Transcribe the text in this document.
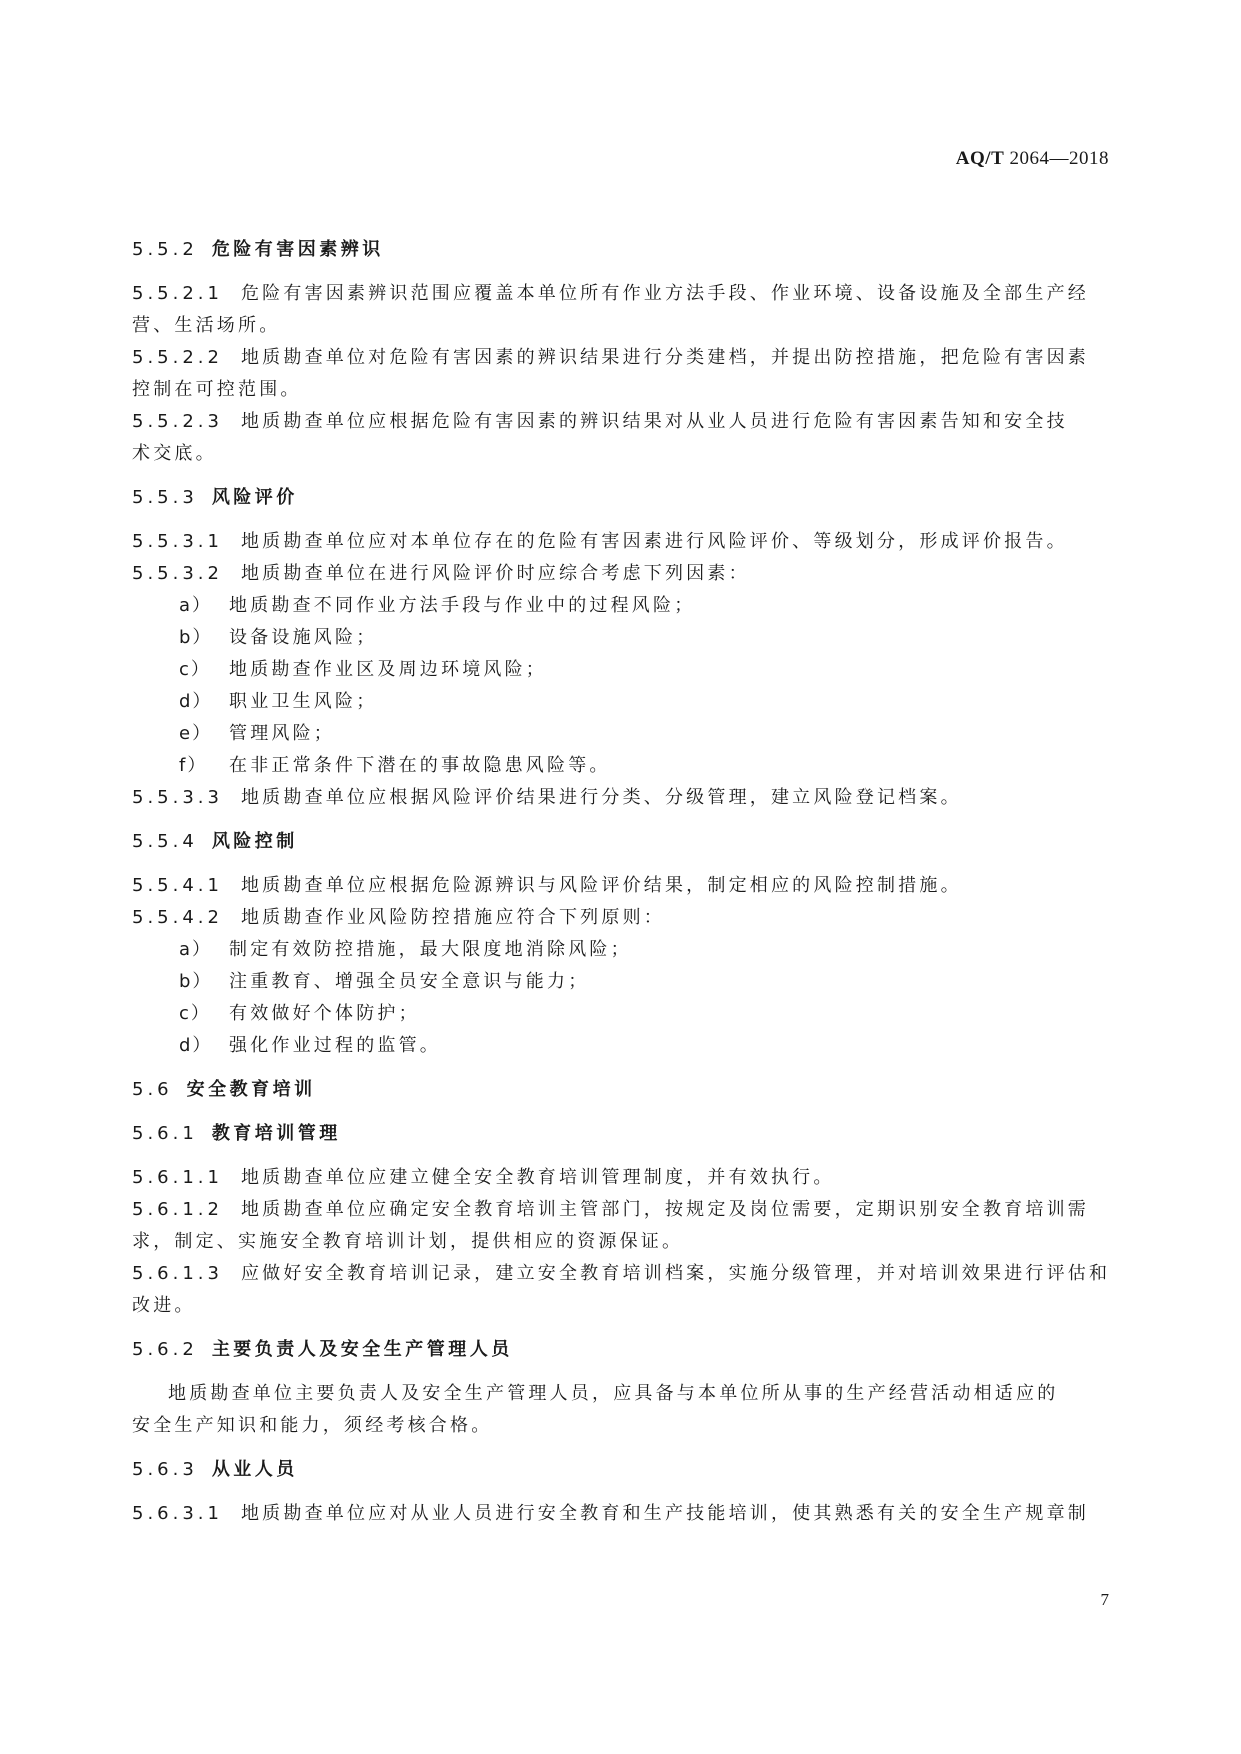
AQ/T 2064—2018
5.5.2 危险有害因素辨识
5.5.2.1 危险有害因素辨识范围应覆盖本单位所有作业方法手段、作业环境、设备设施及全部生产经
营、生活场所。
5.5.2.2 地质勘查单位对危险有害因素的辨识结果进行分类建档，并提出防控措施，把危险有害因素
控制在可控范围。
5.5.2.3 地质勘查单位应根据危险有害因素的辨识结果对从业人员进行危险有害因素告知和安全技
术交底。
5.5.3 风险评价
5.5.3.1 地质勘查单位应对本单位存在的危险有害因素进行风险评价、等级划分，形成评价报告。
5.5.3.2 地质勘查单位在进行风险评价时应综合考虑下列因素：
a） 地质勘查不同作业方法手段与作业中的过程风险；
b） 设备设施风险；
c） 地质勘查作业区及周边环境风险；
d） 职业卫生风险；
e） 管理风险；
f） 在非正常条件下潜在的事故隐患风险等。
5.5.3.3 地质勘查单位应根据风险评价结果进行分类、分级管理，建立风险登记档案。
5.5.4 风险控制
5.5.4.1 地质勘查单位应根据危险源辨识与风险评价结果，制定相应的风险控制措施。
5.5.4.2 地质勘查作业风险防控措施应符合下列原则：
a） 制定有效防控措施，最大限度地消除风险；
b） 注重教育、增强全员安全意识与能力；
c） 有效做好个体防护；
d） 强化作业过程的监管。
5.6 安全教育培训
5.6.1 教育培训管理
5.6.1.1 地质勘查单位应建立健全安全教育培训管理制度，并有效执行。
5.6.1.2 地质勘查单位应确定安全教育培训主管部门，按规定及岗位需要，定期识别安全教育培训需
求，制定、实施安全教育培训计划，提供相应的资源保证。
5.6.1.3 应做好安全教育培训记录，建立安全教育培训档案，实施分级管理，并对培训效果进行评估和
改进。
5.6.2 主要负责人及安全生产管理人员
地质勘查单位主要负责人及安全生产管理人员，应具备与本单位所从事的生产经营活动相适应的
安全生产知识和能力，须经考核合格。
5.6.3 从业人员
5.6.3.1 地质勘查单位应对从业人员进行安全教育和生产技能培训，使其熟悉有关的安全生产规章制
7
